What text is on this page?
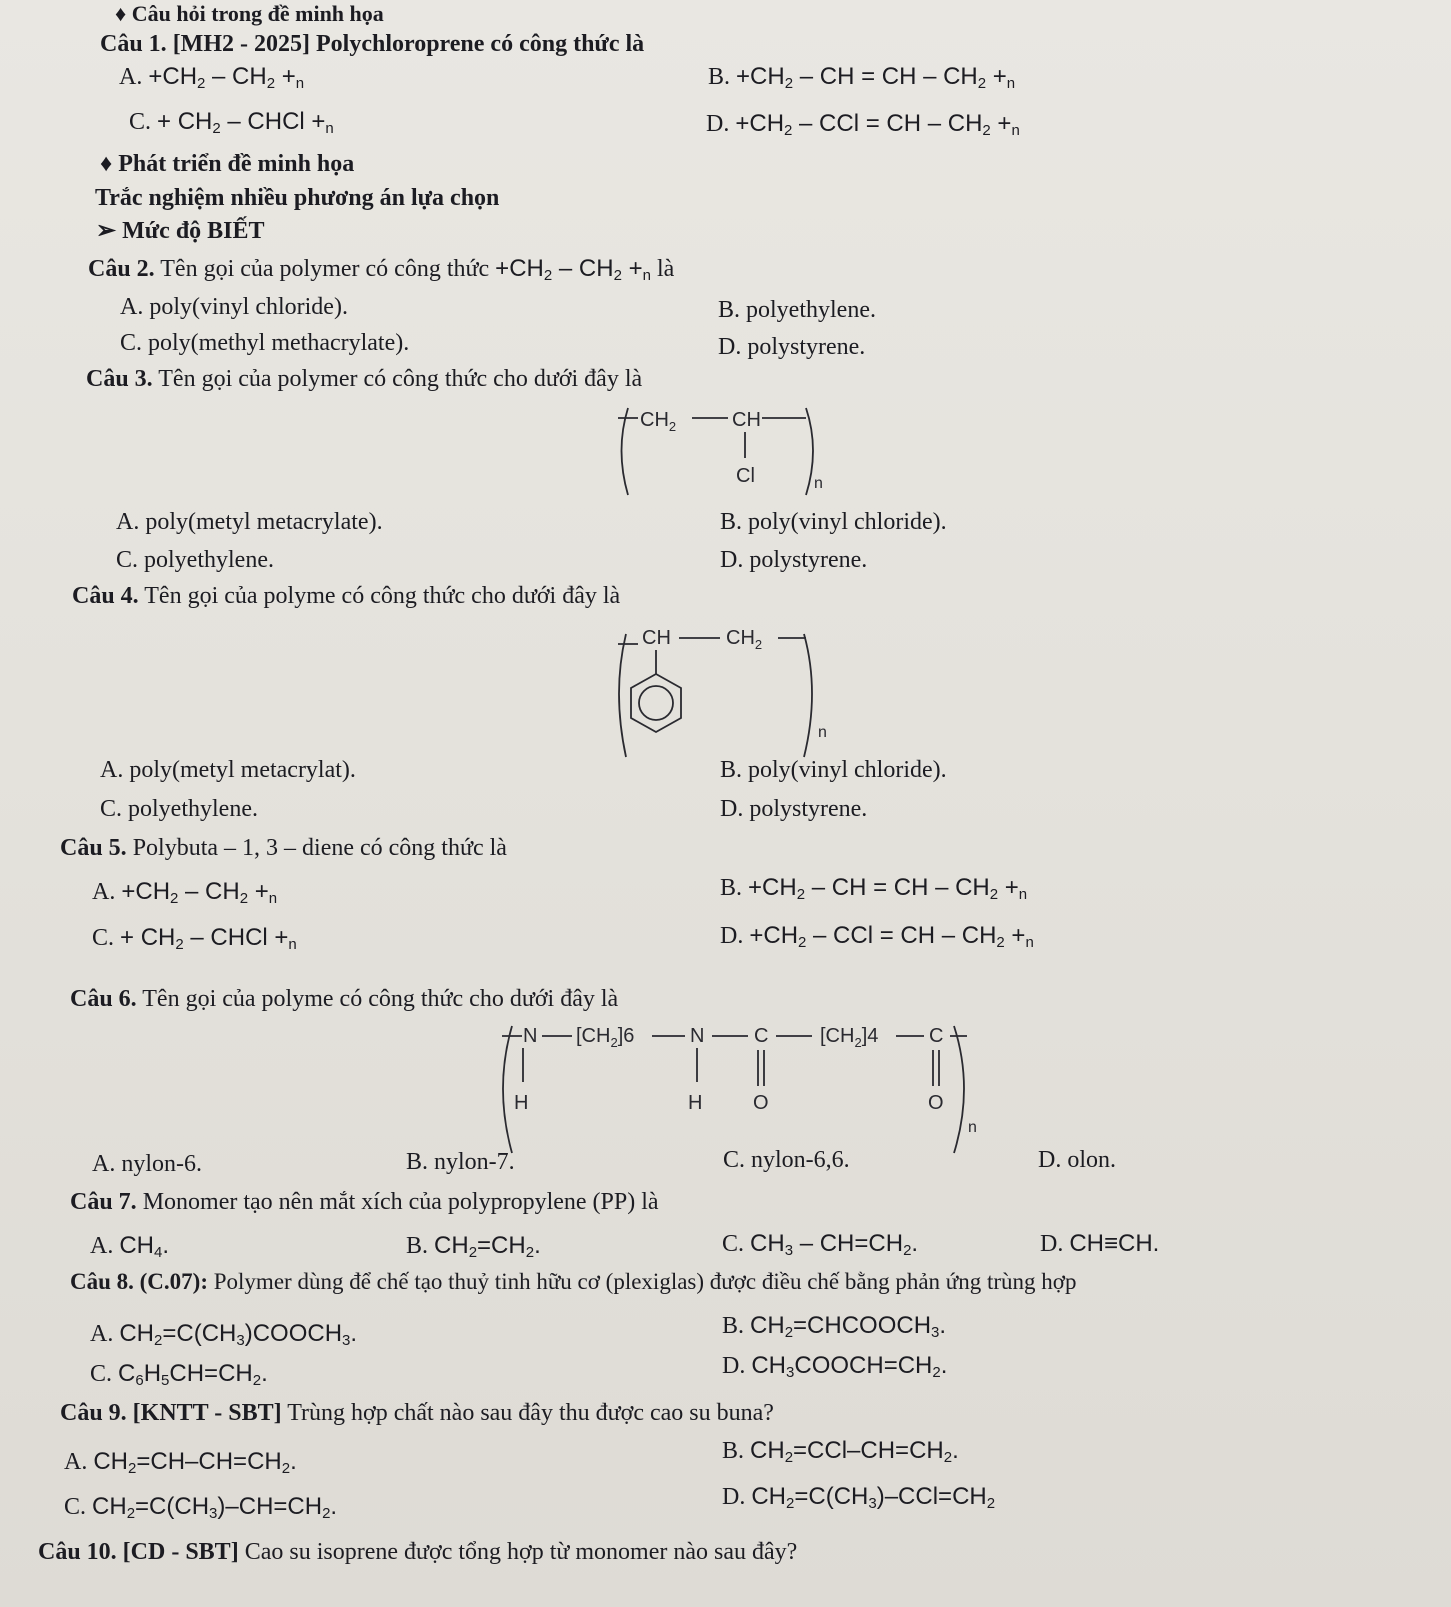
♦ Câu hỏi trong đề minh họa
Câu 1. [MH2 - 2025] Polychloroprene có công thức là
A. $+CH_2 - CH_2 +_n$	B. $+CH_2$ – CH = CH – $CH_2 +_n$
C. + $CH_2$ – CHCl $+_n$	D. $+CH_2$ – CCl = CH – $CH_2 +_n$
♦ Phát triển đề minh họa
Trắc nghiệm nhiều phương án lựa chọn
➢ Mức độ BIẾT
Câu 2. Tên gọi của polymer có công thức $+CH_2 - CH_2 +_n$ là
A. poly(vinyl chloride).	B. polyethylene.
C. poly(methyl methacrylate).	D. polystyrene.
Câu 3. Tên gọi của polymer có công thức cho dưới đây là
$CH_2$	CH
Cl	n
A. poly(metyl metacrylate).	B. poly(vinyl chloride).
C. polyethylene.	D. polystyrene.
Câu 4. Tên gọi của polyme có công thức cho dưới đây là
CH	$CH_2$
n
A. poly(metyl metacrylat).	B. poly(vinyl chloride).
C. polyethylene.	D. polystyrene.
Câu 5. Polybuta – 1, 3 – diene có công thức là
A. $+CH_2 - CH_2 +_n$	B. $+CH_2$ – CH = CH – $CH_2 +_n$
C. + $CH_2$ – CHCl $+_n$	D. $+CH_2$ – CCl = CH – $CH_2 +_n$
Câu 6. Tên gọi của polyme có công thức cho dưới đây là
N
H
$[CH_2]6$	N
H
C
O
$[CH_2]4$	C
O
n
A. nylon-6.	B. nylon-7.	C. nylon-6,6.	D. olon.
Câu 7. Monomer tạo nên mắt xích của polypropylene (PP) là
A. $CH_4$.	B. $CH_2=CH_2$.	C. $CH_3 - CH=CH_2$.	D. CH≡CH.
Câu 8. (C.07): Polymer dùng để chế tạo thuỷ tinh hữu cơ (plexiglas) được điều chế bằng phản ứng trùng hợp
A. $CH_2=C(CH_3)COOCH_3$.	B. $CH_2=CHCOOCH_3$.
C. $C_6H_5CH=CH_2$.	D. $CH_3COOCH=CH_2$.
Câu 9. [KNTT - SBT] Trùng hợp chất nào sau đây thu được cao su buna?
A. $CH_2=CH-CH=CH_2$.	B. $CH_2=CCl-CH=CH_2$.
C. $CH_2=C(CH_3)-CH=CH_2$.	D. $CH_2=C(CH_3)-CCl=CH_2$
Câu 10. [CD - SBT] Cao su isoprene được tổng hợp từ monomer nào sau đây?
